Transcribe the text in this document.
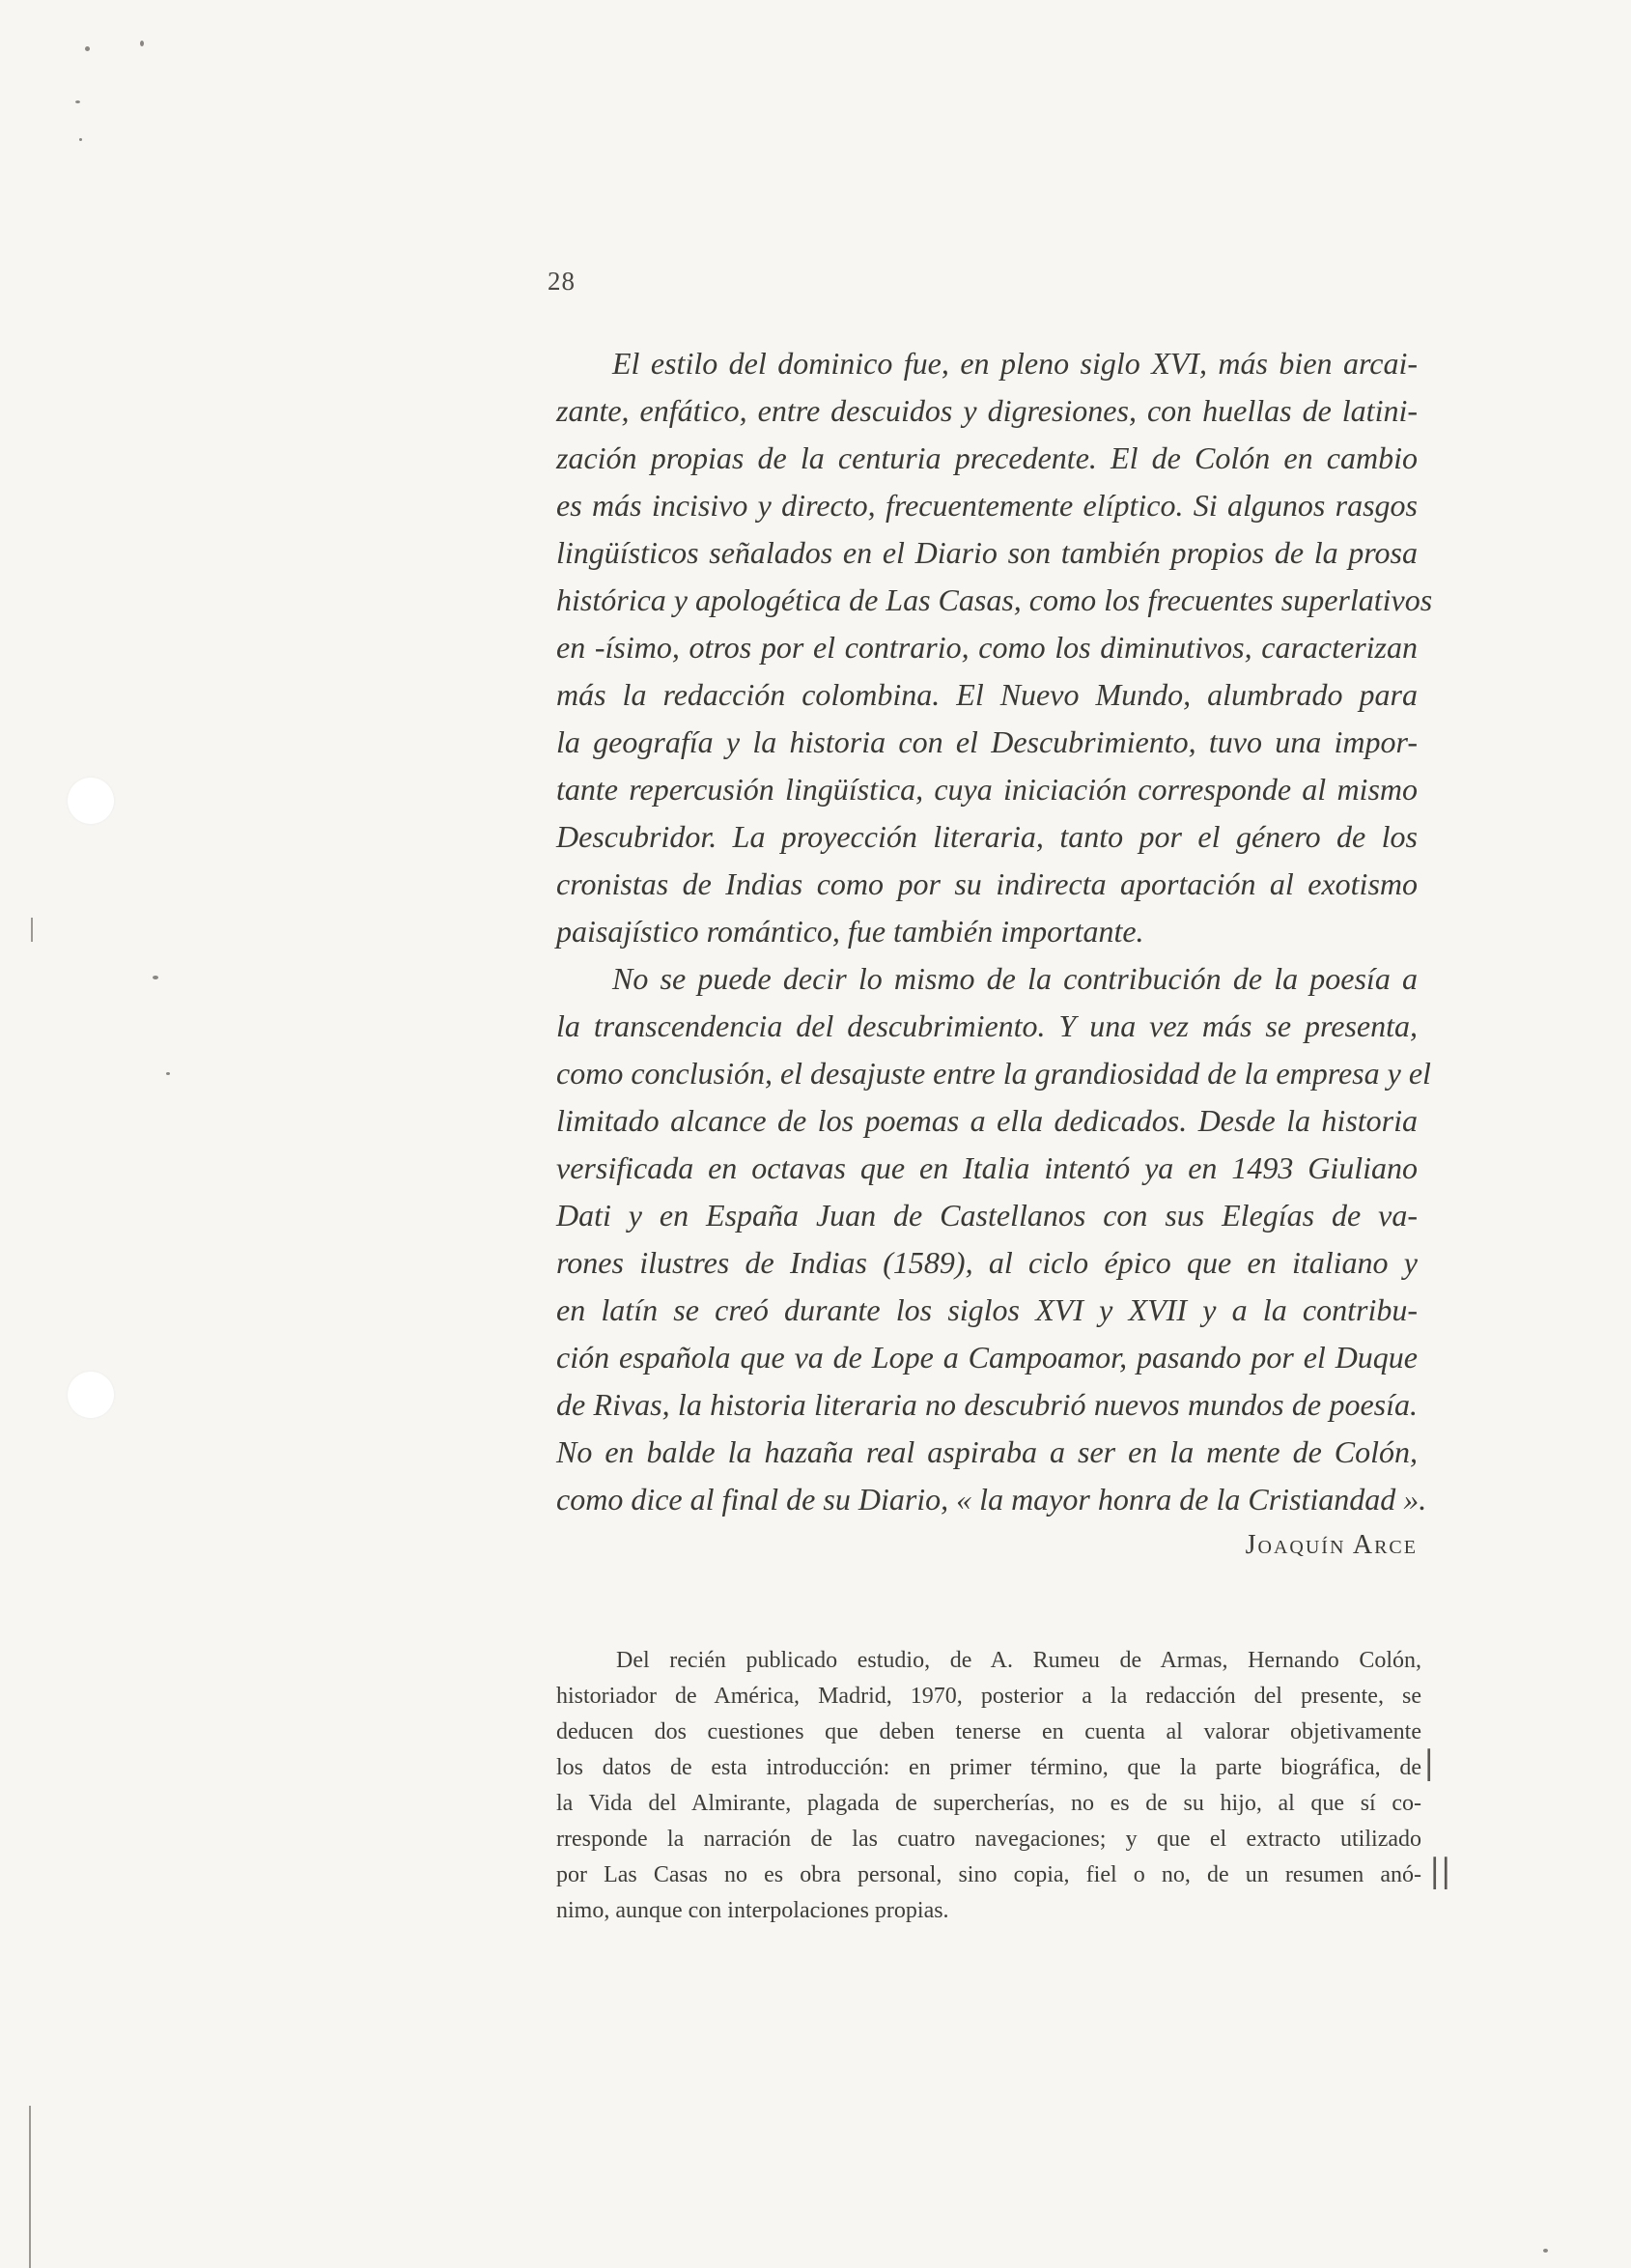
28
El estilo del dominico fue, en pleno siglo XVI, más bien arcai-
zante, enfático, entre descuidos y digresiones, con huellas de latini-
zación propias de la centuria precedente. El de Colón en cambio
es más incisivo y directo, frecuentemente elíptico. Si algunos rasgos
lingüísticos señalados en el Diario son también propios de la prosa
histórica y apologética de Las Casas, como los frecuentes superlativos
en -ísimo, otros por el contrario, como los diminutivos, caracterizan
más la redacción colombina. El Nuevo Mundo, alumbrado para
la geografía y la historia con el Descubrimiento, tuvo una impor-
tante repercusión lingüística, cuya iniciación corresponde al mismo
Descubridor. La proyección literaria, tanto por el género de los
cronistas de Indias como por su indirecta aportación al exotismo
paisajístico romántico, fue también importante.
No se puede decir lo mismo de la contribución de la poesía a
la transcendencia del descubrimiento. Y una vez más se presenta,
como conclusión, el desajuste entre la grandiosidad de la empresa y el
limitado alcance de los poemas a ella dedicados. Desde la historia
versificada en octavas que en Italia intentó ya en 1493 Giuliano
Dati y en España Juan de Castellanos con sus Elegías de va-
rones ilustres de Indias (1589), al ciclo épico que en italiano y
en latín se creó durante los siglos XVI y XVII y a la contribu-
ción española que va de Lope a Campoamor, pasando por el Duque
de Rivas, la historia literaria no descubrió nuevos mundos de poesía.
No en balde la hazaña real aspiraba a ser en la mente de Colón,
como dice al final de su Diario, « la mayor honra de la Cristiandad ».
Joaquín Arce
Del recién publicado estudio, de A. Rumeu de Armas, Hernando Colón,
historiador de América, Madrid, 1970, posterior a la redacción del presente, se
deducen dos cuestiones que deben tenerse en cuenta al valorar objetivamente
los datos de esta introducción: en primer término, que la parte biográfica, de
la Vida del Almirante, plagada de supercherías, no es de su hijo, al que sí co-
rresponde la narración de las cuatro navegaciones; y que el extracto utilizado
por Las Casas no es obra personal, sino copia, fiel o no, de un resumen anó-
nimo, aunque con interpolaciones propias.
|
||
